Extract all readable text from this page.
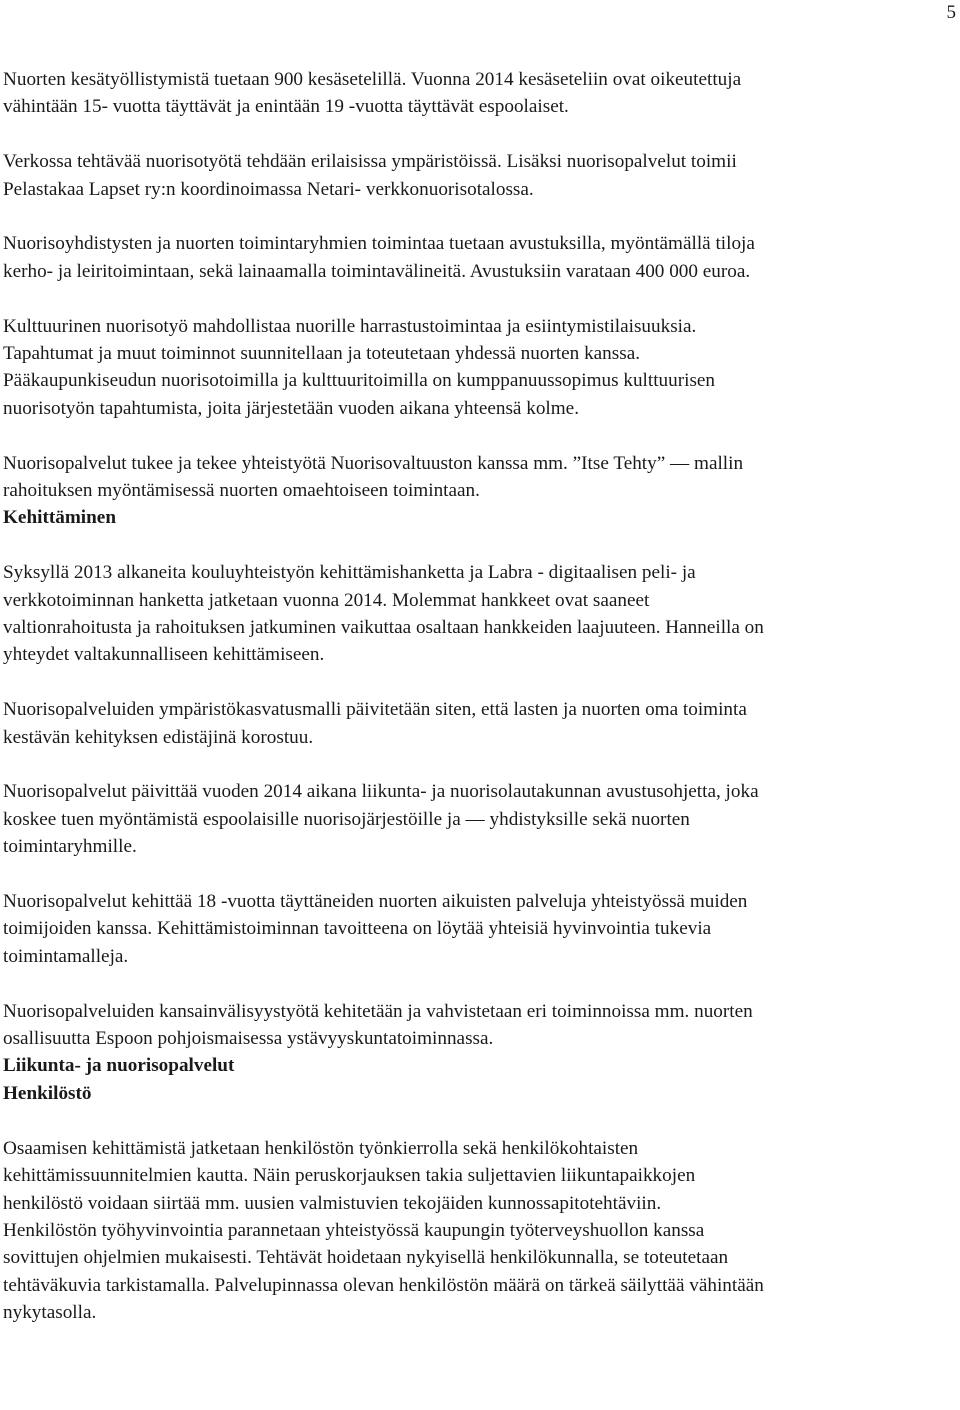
5

Nuorten kesätyöllistymistä tuetaan 900 kesäsetelillä. Vuonna 2014 kesäseteliin ovat oikeutettuja
vähintään 15- vuotta täyttävät ja enintään 19 -vuotta täyttävät espoolaiset.

Verkossa tehtävää nuorisotyötä tehdään erilaisissa ympäristöissä. Lisäksi nuorisopalvelut toimii
Pelastakaa Lapset ry:n koordinoimassa Netari- verkkonuorisotalossa.

Nuorisoyhdistysten ja nuorten toimintaryhmien toimintaa tuetaan avustuksilla, myöntämällä tiloja
kerho- ja leiritoimintaan, sekä lainaamalla toimintavälineitä. Avustuksiin varataan 400 000 euroa.

Kulttuurinen nuorisotyö mahdollistaa nuorille harrastustoimintaa ja esiintymistilaisuuksia.
Tapahtumat ja muut toiminnot suunnitellaan ja toteutetaan yhdessä nuorten kanssa.
Pääkaupunkiseudun nuorisotoimilla ja kulttuuritoimilla on kumppanuussopimus kulttuurisen
nuorisotyön tapahtumista, joita järjestetään vuoden aikana yhteensä kolme.

Nuorisopalvelut tukee ja tekee yhteistyötä Nuorisovaltuuston kanssa mm. ”Itse Tehty” — mallin
rahoituksen myöntämisessä nuorten omaehtoiseen toimintaan.

Kehittäminen

Syksyllä 2013 alkaneita kouluyhteistyön kehittämishanketta ja Labra - digitaalisen peli- ja
verkkotoiminnan hanketta jatketaan vuonna 2014. Molemmat hankkeet ovat saaneet
valtionrahoitusta ja rahoituksen jatkuminen vaikuttaa osaltaan hankkeiden laajuuteen. Hanneilla on
yhteydet valtakunnalliseen kehittämiseen.

Nuorisopalveluiden ympäristökasvatusmalli päivitetään siten, että lasten ja nuorten oma toiminta
kestävän kehityksen edistäjinä korostuu.

Nuorisopalvelut päivittää vuoden 2014 aikana liikunta- ja nuorisolautakunnan avustusohjetta, joka
koskee tuen myöntämistä espoolaisille nuorisojärjestöille ja — yhdistyksille sekä nuorten
toimintaryhmille.

Nuorisopalvelut kehittää 18 -vuotta täyttäneiden nuorten aikuisten palveluja yhteistyössä muiden
toimijoiden kanssa. Kehittämistoiminnan tavoitteena on löytää yhteisiä hyvinvointia tukevia
toimintamalleja.

Nuorisopalveluiden kansainvälisyystyötä kehitetään ja vahvistetaan eri toiminnoissa mm. nuorten
osallisuutta Espoon pohjoismaisessa ystävyyskuntatoiminnassa.

Liikunta- ja nuorisopalvelut
Henkilöstö

Osaamisen kehittämistä jatketaan henkilöstön työnkierrolla sekä henkilökohtaisten
kehittämissuunnitelmien kautta. Näin peruskorjauksen takia suljettavien liikuntapaikkojen
henkilöstö voidaan siirtää mm. uusien valmistuvien tekojäiden kunnossapitotehtäviin.
Henkilöstön työhyvinvointia parannetaan yhteistyössä kaupungin työterveyshuollon kanssa
sovittujen ohjelmien mukaisesti. Tehtävät hoidetaan nykyisellä henkilökunnalla, se toteutetaan
tehtäväkuvia tarkistamalla. Palvelupinnassa olevan henkilöstön määrä on tärkeä säilyttää vähintään
nykytasolla.
